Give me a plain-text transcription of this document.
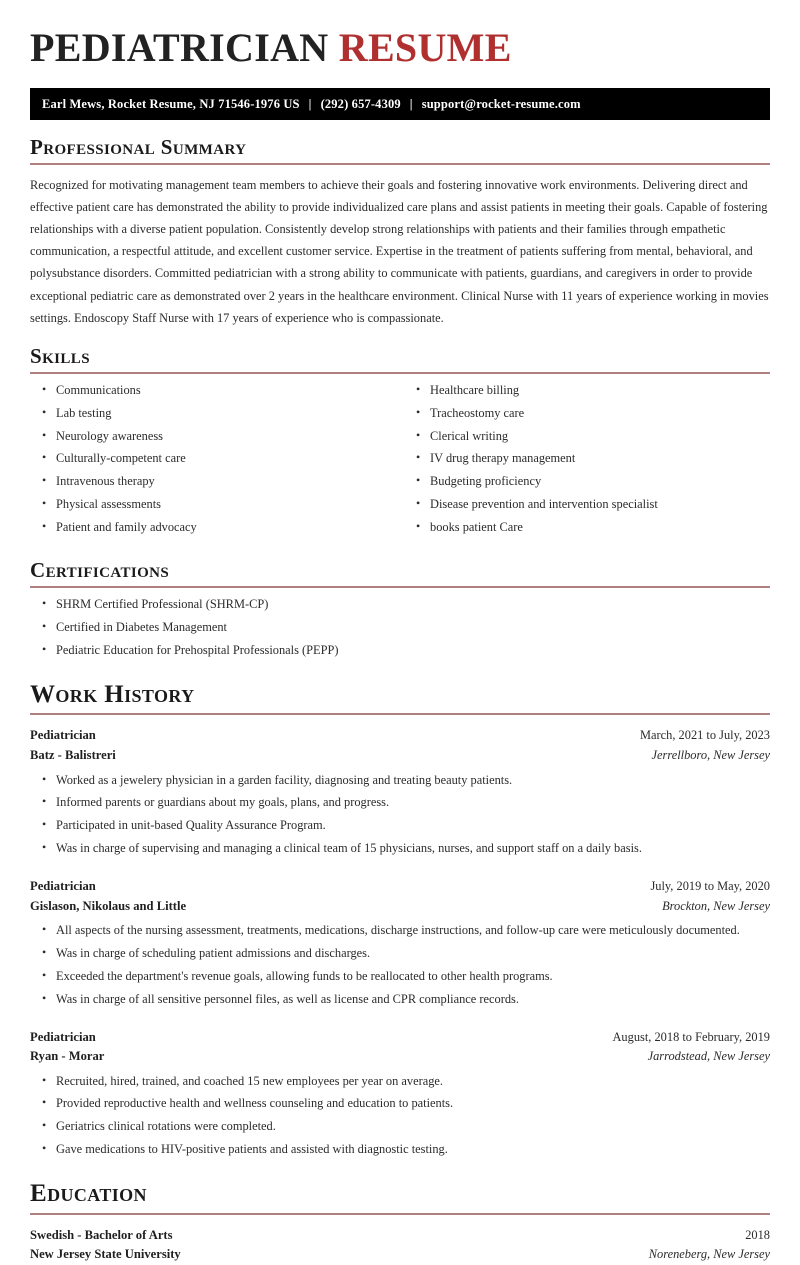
PEDIATRICIAN RESUME
Earl Mews, Rocket Resume, NJ 71546-1976 US | (292) 657-4309 | support@rocket-resume.com
Professional Summary

Recognized for motivating management team members to achieve their goals and fostering innovative work environments. Delivering direct and effective patient care has demonstrated the ability to provide individualized care plans and assist patients in meeting their goals. Capable of fostering relationships with a diverse patient population. Consistently develop strong relationships with patients and their families through empathetic communication, a respectful attitude, and excellent customer service. Expertise in the treatment of patients suffering from mental, behavioral, and polysubstance disorders. Committed pediatrician with a strong ability to communicate with patients, guardians, and caregivers in order to provide exceptional pediatric care as demonstrated over 2 years in the healthcare environment. Clinical Nurse with 11 years of experience working in movies settings. Endoscopy Staff Nurse with 17 years of experience who is compassionate.

Skills
• Communications
• Lab testing
• Neurology awareness
• Culturally-competent care
• Intravenous therapy
• Physical assessments
• Patient and family advocacy
• Healthcare billing
• Tracheostomy care
• Clerical writing
• IV drug therapy management
• Budgeting proficiency
• Disease prevention and intervention specialist
• books patient Care
Certifications
• SHRM Certified Professional (SHRM-CP)
• Certified in Diabetes Management
• Pediatric Education for Prehospital Professionals (PEPP)
Work History
Pediatrician	March, 2021 to July, 2023
Batz - Balistreri	Jerrellboro, New Jersey
• Worked as a jewelery physician in a garden facility, diagnosing and treating beauty patients.
• Informed parents or guardians about my goals, plans, and progress.
• Participated in unit-based Quality Assurance Program.
• Was in charge of supervising and managing a clinical team of 15 physicians, nurses, and support staff on a daily basis.
Pediatrician	July, 2019 to May, 2020
Gislason, Nikolaus and Little	Brockton, New Jersey
• All aspects of the nursing assessment, treatments, medications, discharge instructions, and follow-up care were meticulously documented.
• Was in charge of scheduling patient admissions and discharges.
• Exceeded the department's revenue goals, allowing funds to be reallocated to other health programs.
• Was in charge of all sensitive personnel files, as well as license and CPR compliance records.
Pediatrician	August, 2018 to February, 2019
Ryan - Morar	Jarrodstead, New Jersey
• Recruited, hired, trained, and coached 15 new employees per year on average.
• Provided reproductive health and wellness counseling and education to patients.
• Geriatrics clinical rotations were completed.
• Gave medications to HIV-positive patients and assisted with diagnostic testing.
Education
Swedish - Bachelor of Arts	2018
New Jersey State University	Noreneberg, New Jersey
